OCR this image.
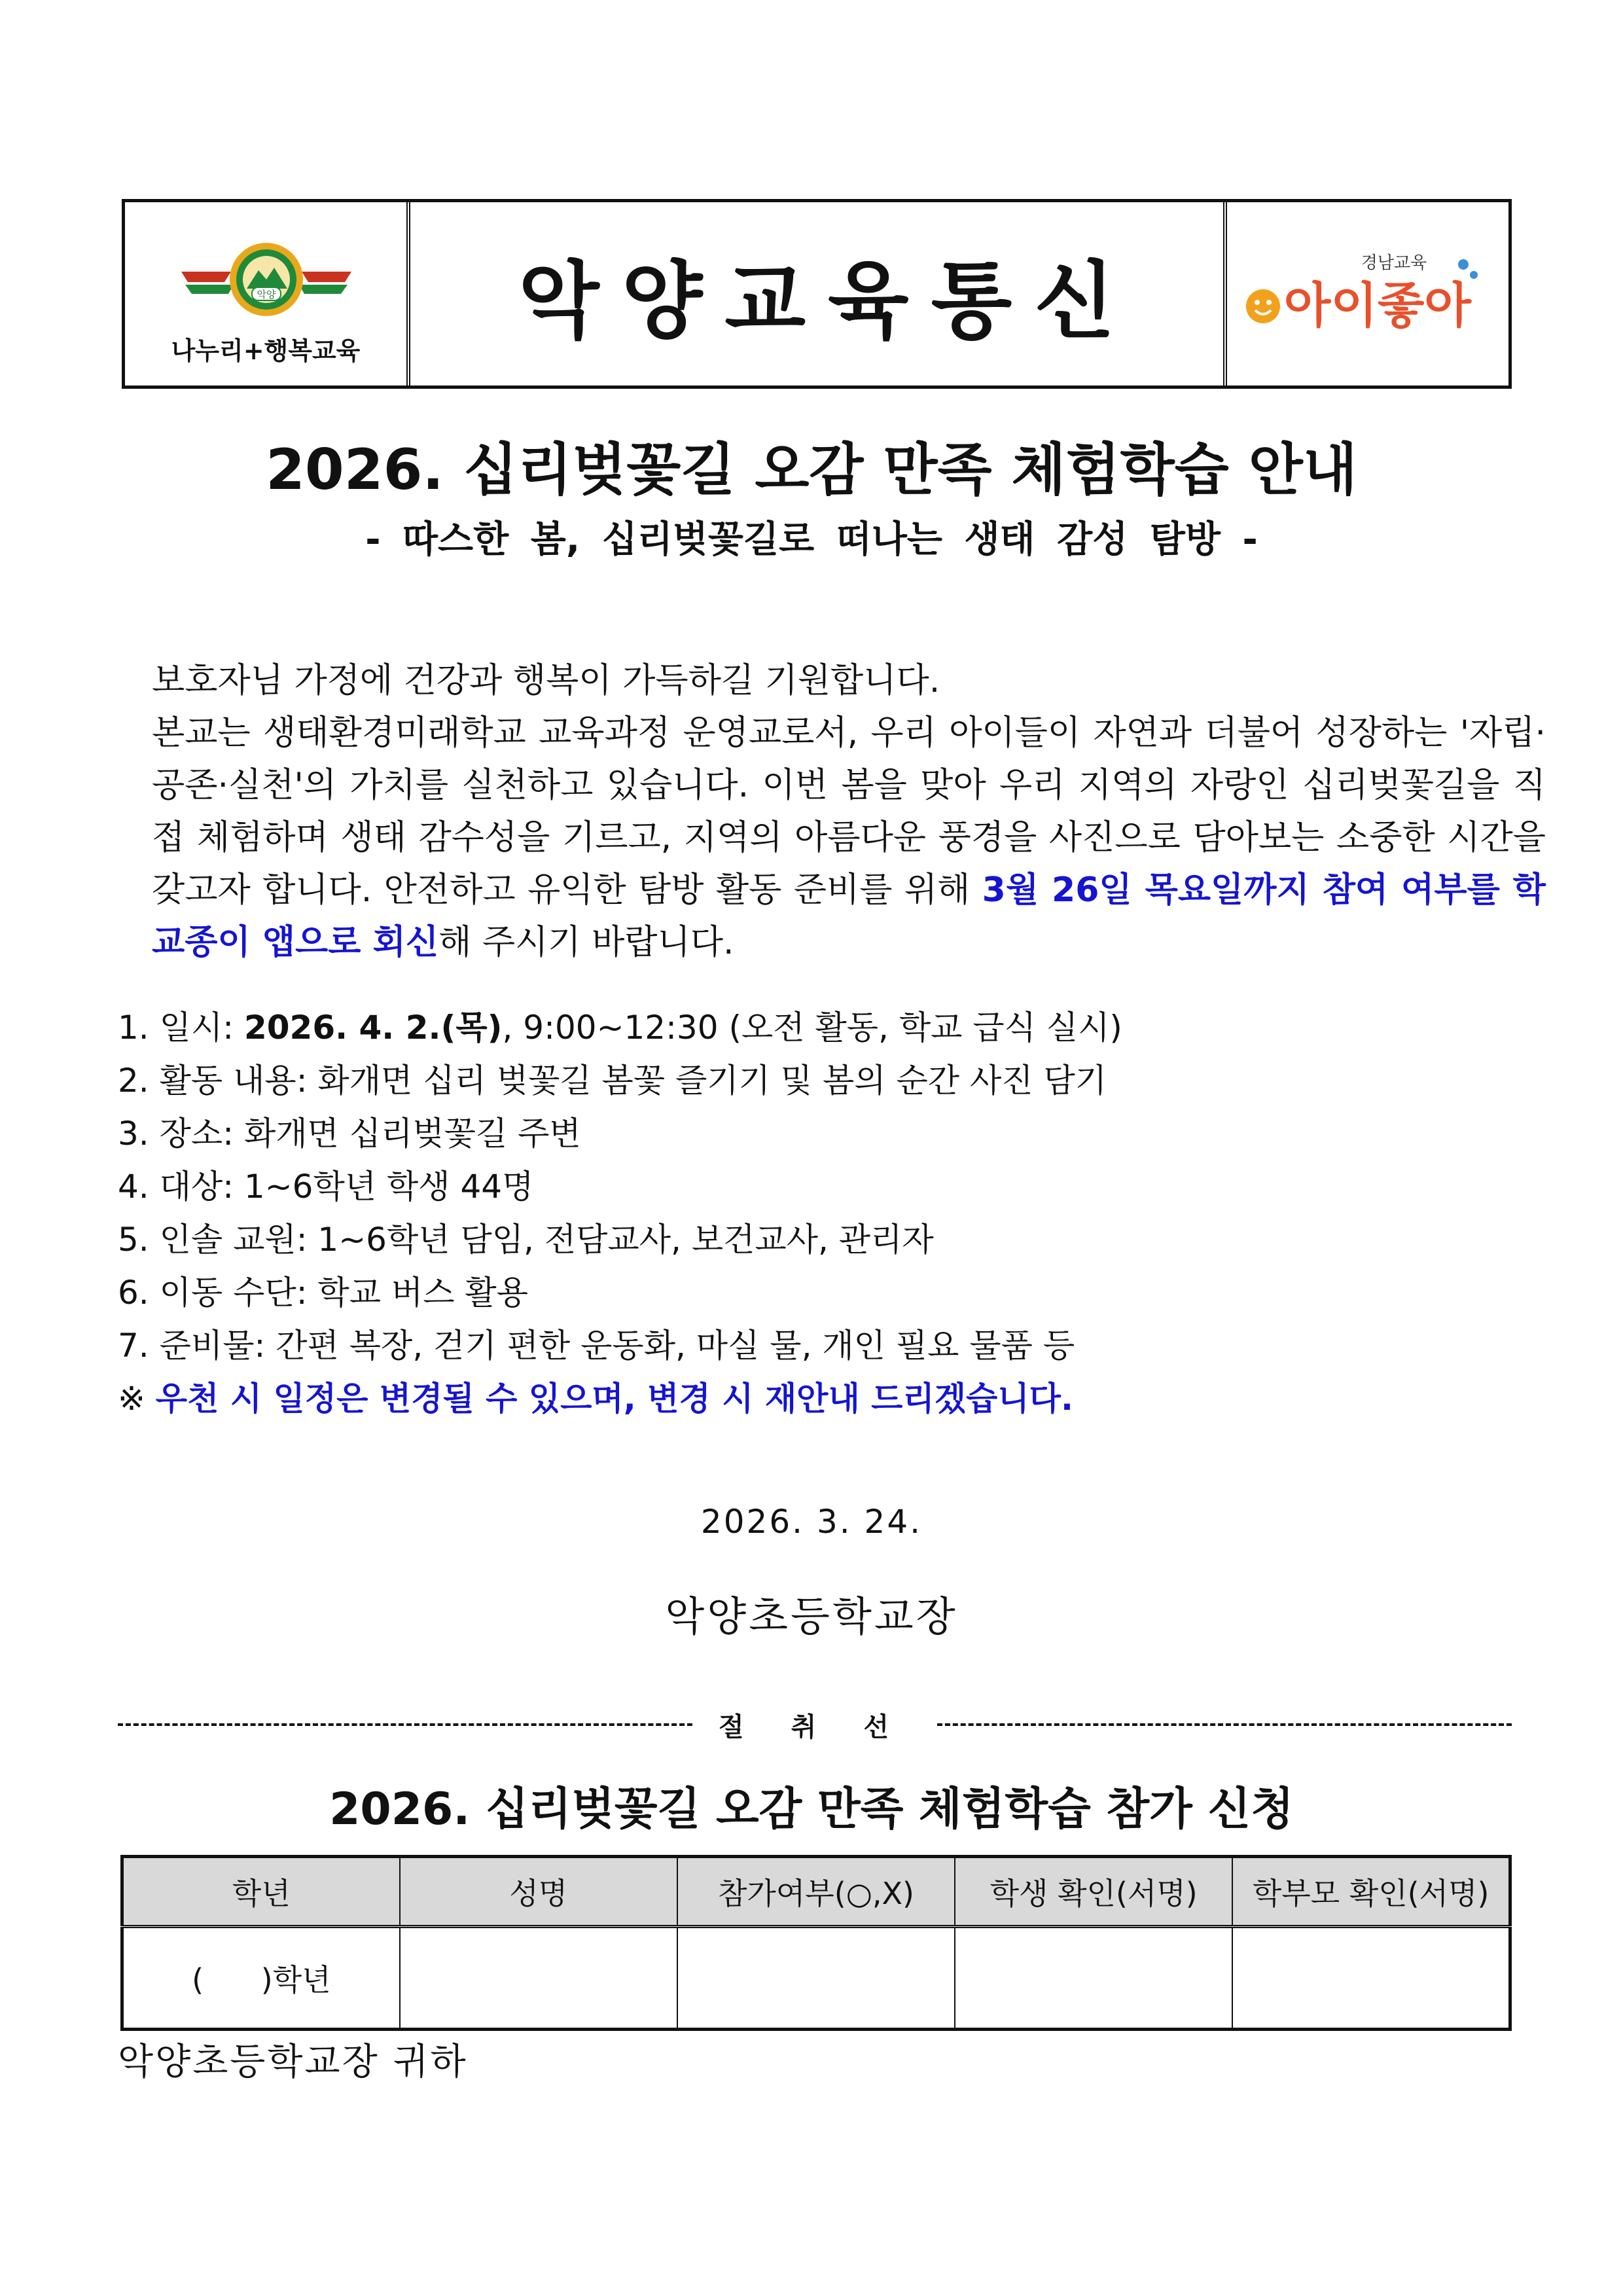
악양
나누리+행복교육
악양교육통신	경남교육
아이좋아
2026. 십리벚꽃길 오감 만족 체험학습 안내
- 따스한 봄, 십리벚꽃길로 떠나는 생태 감성 탐방 -

보호자님 가정에 건강과 행복이 가득하길 기원합니다.

본교는 생태환경미래학교 교육과정 운영교로서, 우리 아이들이 자연과 더불어 성장하는 '자립·공존·실천'의 가치를 실천하고 있습니다. 이번 봄을 맞아 우리 지역의 자랑인 십리벚꽃길을 직접 체험하며 생태 감수성을 기르고, 지역의 아름다운 풍경을 사진으로 담아보는 소중한 시간을 갖고자 합니다. 안전하고 유익한 탐방 활동 준비를 위해 3월 26일 목요일까지 참여 여부를 학교종이 앱으로 회신해 주시기 바랍니다.

1. 일시: 2026. 4. 2.(목), 9:00~12:30 (오전 활동, 학교 급식 실시)
2. 활동 내용: 화개면 십리 벚꽃길 봄꽃 즐기기 및 봄의 순간 사진 담기
3. 장소: 화개면 십리벚꽃길 주변
4. 대상: 1~6학년 학생 44명
5. 인솔 교원: 1~6학년 담임, 전담교사, 보건교사, 관리자
6. 이동 수단: 학교 버스 활용
7. 준비물: 간편 복장, 걷기 편한 운동화, 마실 물, 개인 필요 물품 등
※ 우천 시 일정은 변경될 수 있으며, 변경 시 재안내 드리겠습니다.
2026. 3. 24.
악양초등학교장
절취선
2026. 십리벚꽃길 오감 만족 체험학습 참가 신청
학년	성명	참가여부(○,X)	학생 확인(서명)	학부모 확인(서명)
(      )학년				
악양초등학교장 귀하
